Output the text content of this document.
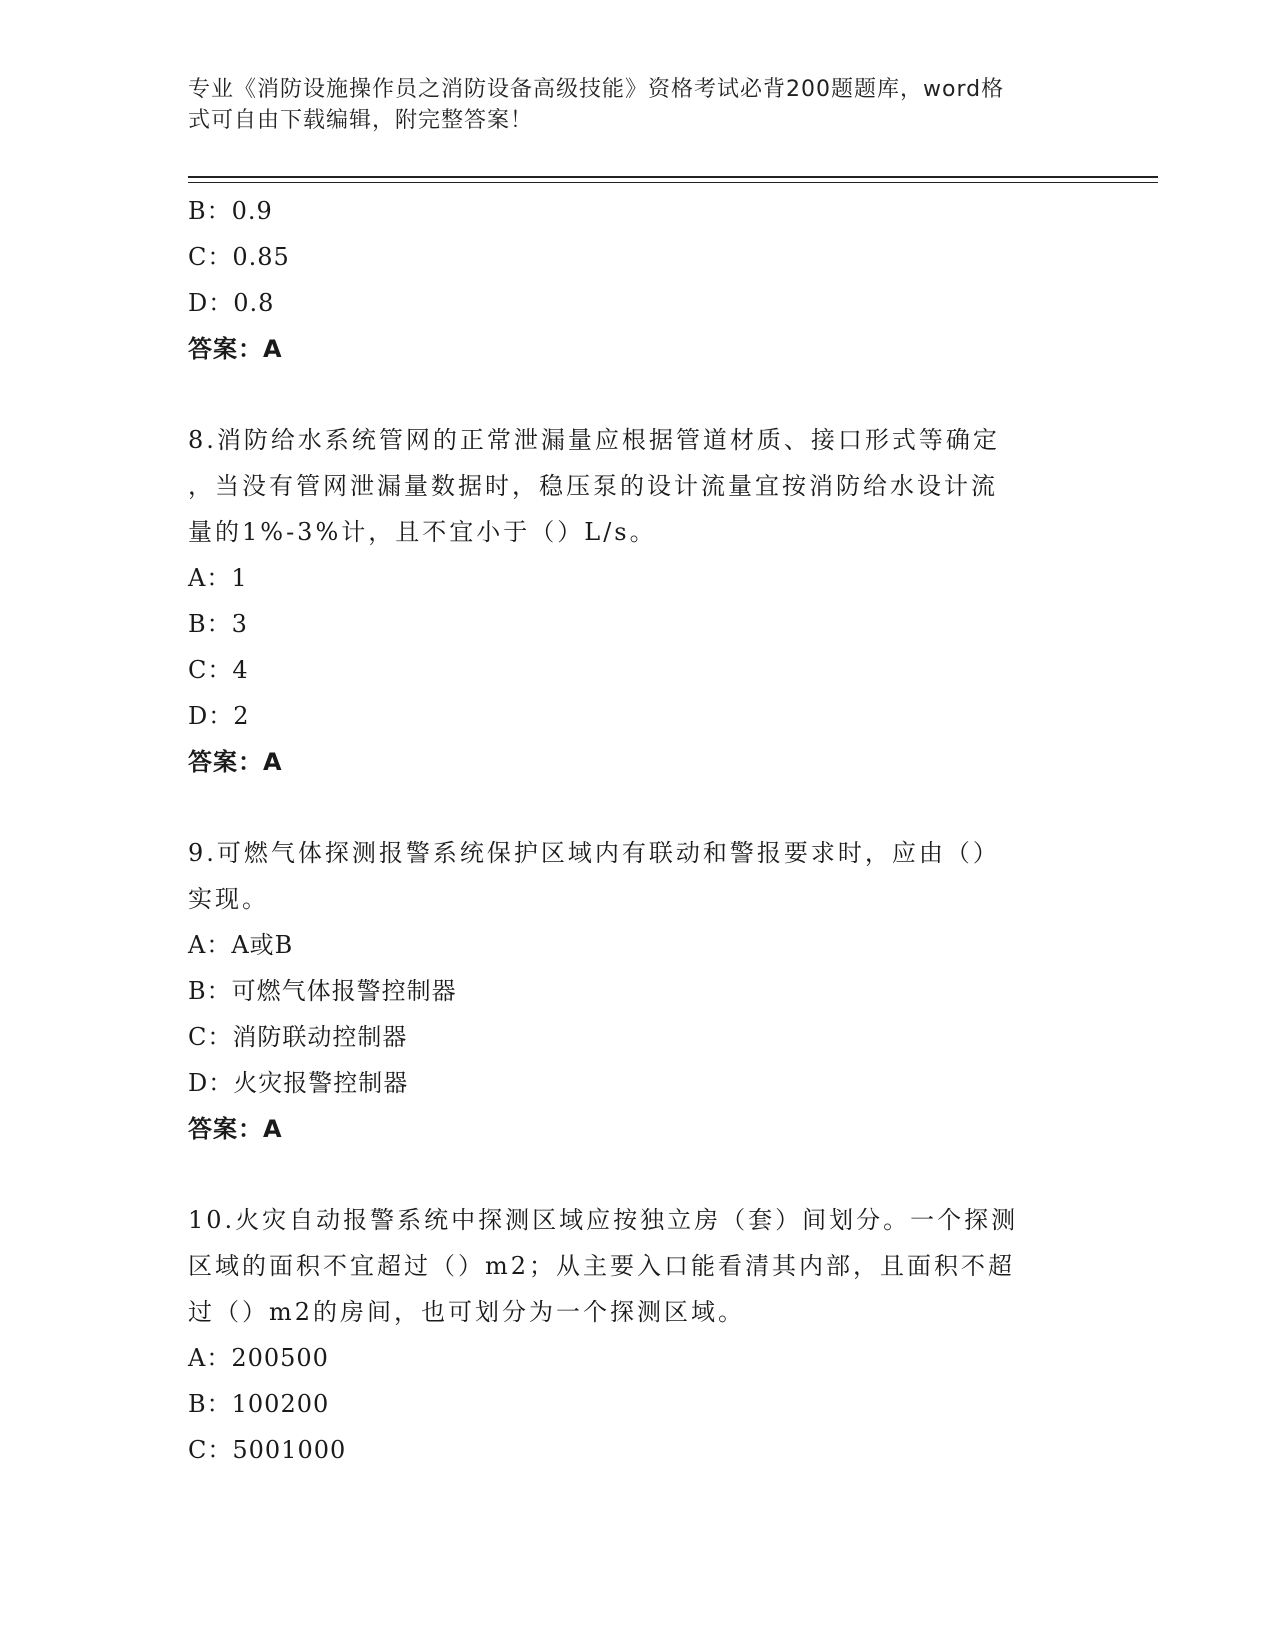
专业《消防设施操作员之消防设备高级技能》资格考试必背200题题库，word格
式可自由下载编辑，附完整答案！
B：0.9
C：0.85
D：0.8
答案：A
8.消防给水系统管网的正常泄漏量应根据管道材质、接口形式等确定
，当没有管网泄漏量数据时，稳压泵的设计流量宜按消防给水设计流
量的1%-3%计，且不宜小于（）L/s。
A：1
B：3
C：4
D：2
答案：A
9.可燃气体探测报警系统保护区域内有联动和警报要求时，应由（）
实现。
A：A或B
B：可燃气体报警控制器
C：消防联动控制器
D：火灾报警控制器
答案：A
10.火灾自动报警系统中探测区域应按独立房（套）间划分。一个探测
区域的面积不宜超过（）m2；从主要入口能看清其内部，且面积不超
过（）m2的房间，也可划分为一个探测区域。
A：200500
B：100200
C：5001000
